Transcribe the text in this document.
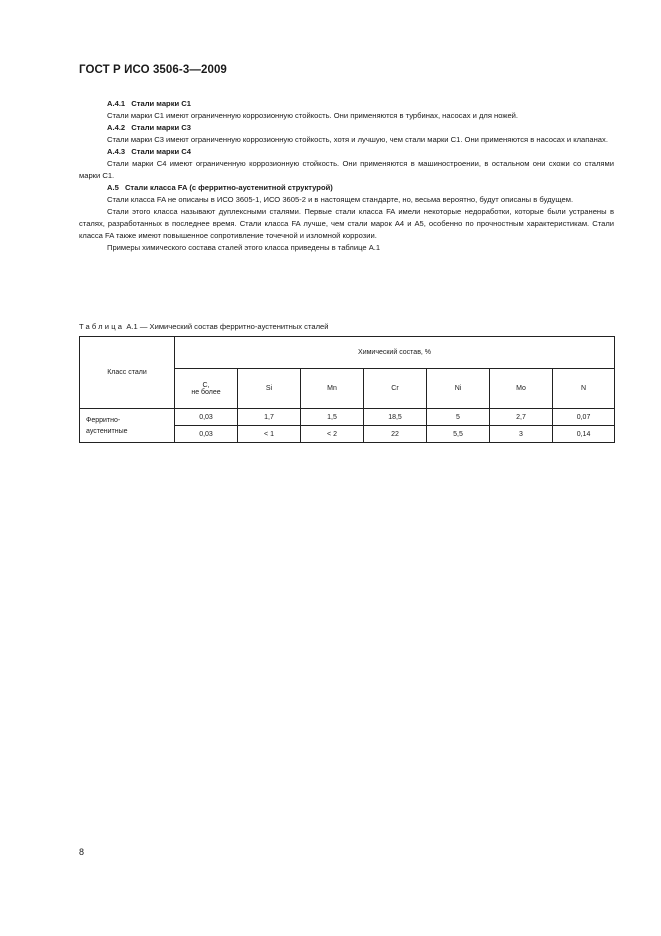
ГОСТ Р ИСО 3506-3—2009

А.4.1 Стали марки С1

Стали марки С1 имеют ограниченную коррозионную стойкость. Они применяются в турбинах, насосах и для ножей.

А.4.2 Стали марки С3

Стали марки С3 имеют ограниченную коррозионную стойкость, хотя и лучшую, чем стали марки С1. Они применяются в насосах и клапанах.

А.4.3 Стали марки С4

Стали марки С4 имеют ограниченную коррозионную стойкость. Они применяются в машиностроении, в остальном они схожи со сталями марки С1.

А.5 Стали класса FA (с ферритно-аустенитной структурой)

Стали класса FA не описаны в ИСО 3605-1, ИСО 3605-2 и в настоящем стандарте, но, весьма вероятно, будут описаны в будущем.

Стали этого класса называют дуплексными сталями. Первые стали класса FA имели некоторые недоработки, которые были устранены в сталях, разработанных в последнее время. Стали класса FA лучше, чем стали марок А4 и А5, особенно по прочностным характеристикам. Стали класса FA также имеют повышенное сопротивление точечной и изломной коррозии.

Примеры химического состава сталей этого класса приведены в таблице А.1

Таблица А.1 — Химический состав ферритно-аустенитных сталей
Класс стали	Химический состав, %						
	C,
не более	Si	Mn	Cr	Ni	Mo	N
Ферритно-
аустенитные	0,03	1,7	1,5	18,5	5	2,7	0,07
	0,03	< 1	< 2	22	5,5	3	0,14
8
